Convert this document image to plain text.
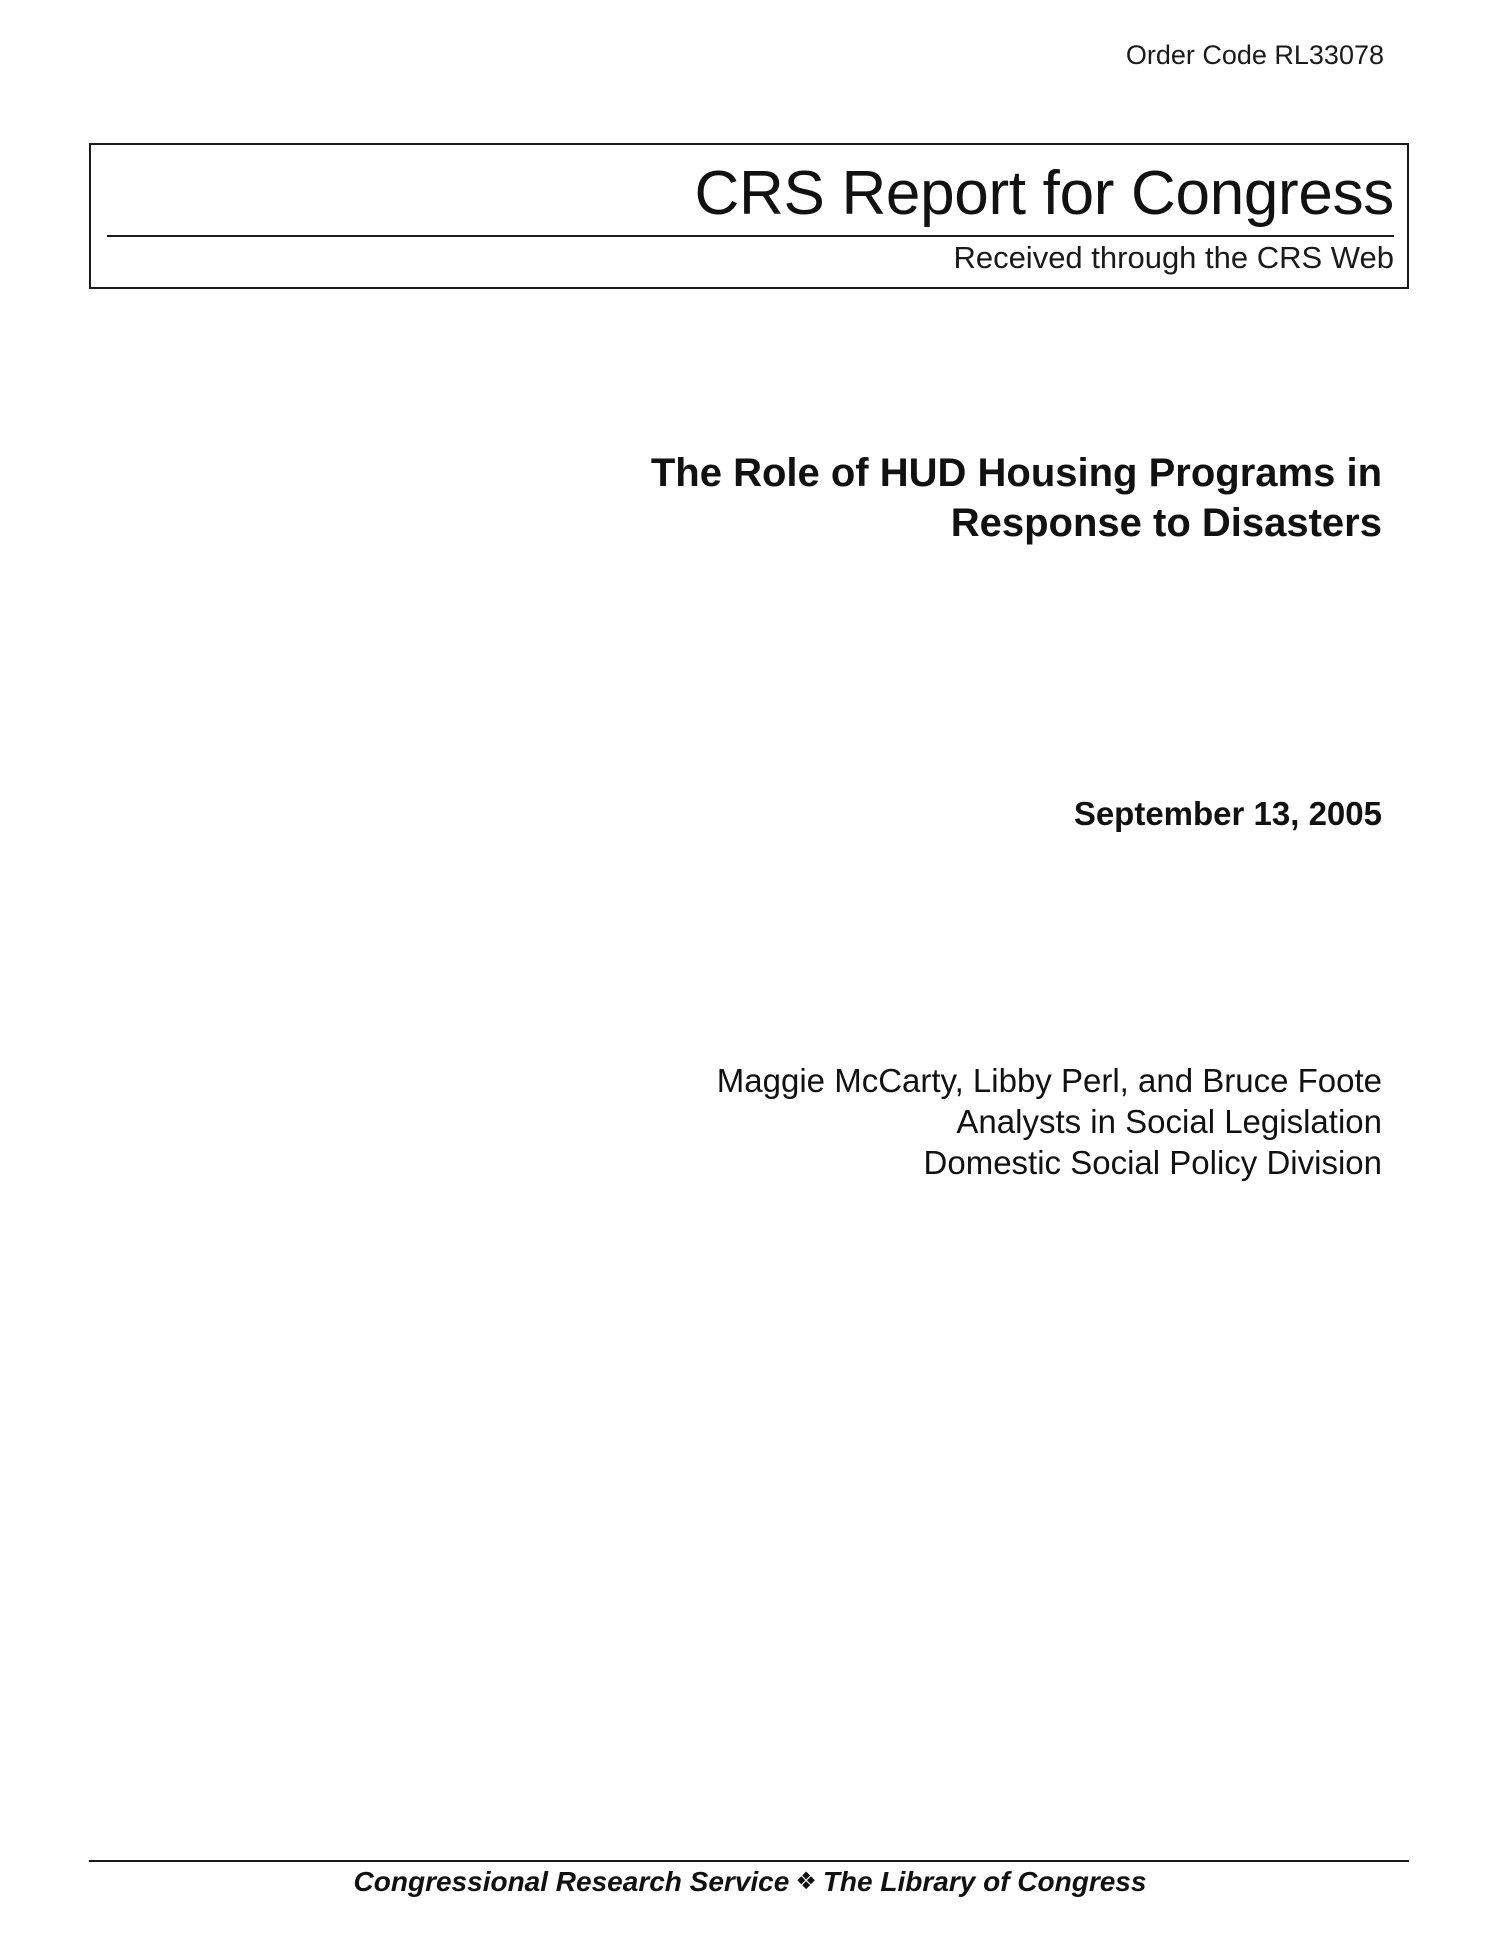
Order Code RL33078
CRS Report for Congress
Received through the CRS Web
The Role of HUD Housing Programs in
Response to Disasters
September 13, 2005
Maggie McCarty, Libby Perl, and Bruce Foote
Analysts in Social Legislation
Domestic Social Policy Division
Congressional Research Service ❖ The Library of Congress
